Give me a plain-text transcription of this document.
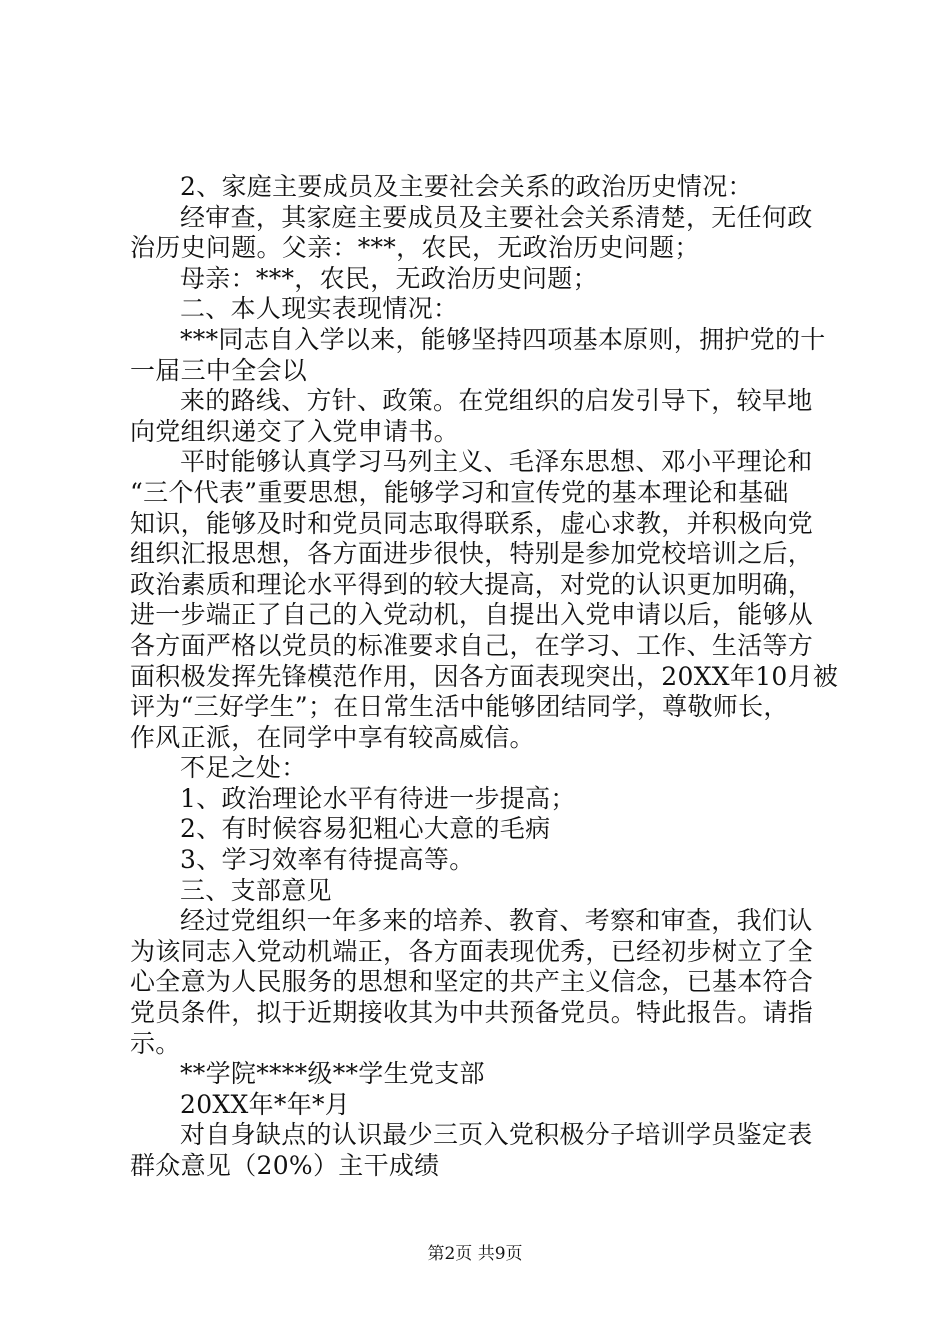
2、家庭主要成员及主要社会关系的政治历史情况：
经审查，其家庭主要成员及主要社会关系清楚，无任何政
治历史问题。父亲：***，农民，无政治历史问题；
母亲：***，农民，无政治历史问题；
二、本人现实表现情况：
***同志自入学以来，能够坚持四项基本原则，拥护党的十
一届三中全会以
来的路线、方针、政策。在党组织的启发引导下，较早地
向党组织递交了入党申请书。
平时能够认真学习马列主义、毛泽东思想、邓小平理论和
“三个代表”重要思想，能够学习和宣传党的基本理论和基础
知识，能够及时和党员同志取得联系，虚心求教，并积极向党
组织汇报思想，各方面进步很快，特别是参加党校培训之后，
政治素质和理论水平得到的较大提高，对党的认识更加明确，
进一步端正了自己的入党动机，自提出入党申请以后，能够从
各方面严格以党员的标准要求自己，在学习、工作、生活等方
面积极发挥先锋模范作用，因各方面表现突出，20XX年10月被
评为“三好学生”；在日常生活中能够团结同学，尊敬师长，
作风正派，在同学中享有较高威信。
不足之处：
1、政治理论水平有待进一步提高；
2、有时候容易犯粗心大意的毛病
3、学习效率有待提高等。
三、支部意见
经过党组织一年多来的培养、教育、考察和审查，我们认
为该同志入党动机端正，各方面表现优秀，已经初步树立了全
心全意为人民服务的思想和坚定的共产主义信念，已基本符合
党员条件，拟于近期接收其为中共预备党员。特此报告。请指
示。
**学院****级**学生党支部
20XX年*年*月
对自身缺点的认识最少三页入党积极分子培训学员鉴定表
群众意见（20%）主干成绩
第2页 共9页
